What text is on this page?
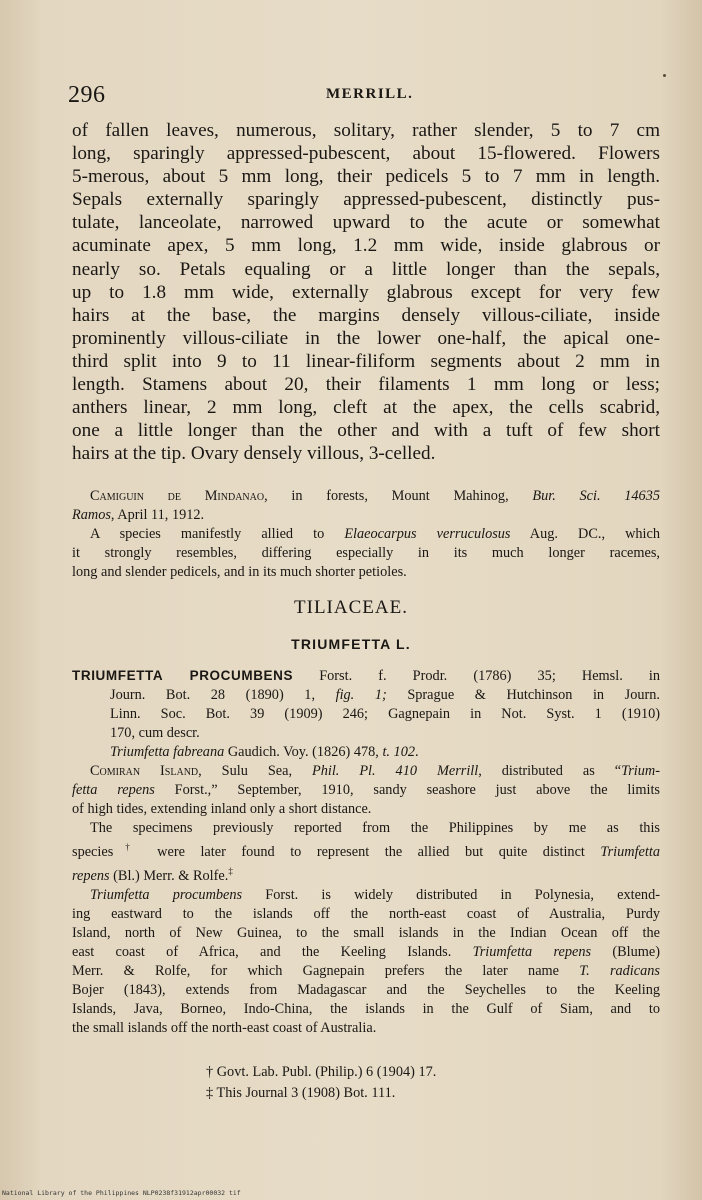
296	MERRILL.
of fallen leaves, numerous, solitary, rather slender, 5 to 7 cm
long, sparingly appressed-pubescent, about 15-flowered. Flowers
5-merous, about 5 mm long, their pedicels 5 to 7 mm in length.
Sepals externally sparingly appressed-pubescent, distinctly pus-
tulate, lanceolate, narrowed upward to the acute or somewhat
acuminate apex, 5 mm long, 1.2 mm wide, inside glabrous or
nearly so. Petals equaling or a little longer than the sepals,
up to 1.8 mm wide, externally glabrous except for very few
hairs at the base, the margins densely villous-ciliate, inside
prominently villous-ciliate in the lower one-half, the apical one-
third split into 9 to 11 linear-filiform segments about 2 mm in
length. Stamens about 20, their filaments 1 mm long or less;
anthers linear, 2 mm long, cleft at the apex, the cells scabrid,
one a little longer than the other and with a tuft of few short
hairs at the tip. Ovary densely villous, 3-celled.
Camiguin de Mindanao, in forests, Mount Mahinog, Bur. Sci. 14635
Ramos, April 11, 1912.
A species manifestly allied to Elaeocarpus verruculosus Aug. DC., which
it strongly resembles, differing especially in its much longer racemes,
long and slender pedicels, and in its much shorter petioles.
TILIACEAE.
TRIUMFETTA L.
TRIUMFETTA PROCUMBENS Forst. f. Prodr. (1786) 35; Hemsl. in
Journ. Bot. 28 (1890) 1, fig. 1; Sprague & Hutchinson in Journ.
Linn. Soc. Bot. 39 (1909) 246; Gagnepain in Not. Syst. 1 (1910)
170, cum descr.
Triumfetta fabreana Gaudich. Voy. (1826) 478, t. 102.
Comiran Island, Sulu Sea, Phil. Pl. 410 Merrill, distributed as “Trium-
fetta repens Forst.,” September, 1910, sandy seashore just above the limits
of high tides, extending inland only a short distance.
The specimens previously reported from the Philippines by me as this
species† were later found to represent the allied but quite distinct Triumfetta
repens (Bl.) Merr. & Rolfe.‡
Triumfetta procumbens Forst. is widely distributed in Polynesia, extend-
ing eastward to the islands off the north-east coast of Australia, Purdy
Island, north of New Guinea, to the small islands in the Indian Ocean off the
east coast of Africa, and the Keeling Islands. Triumfetta repens (Blume)
Merr. & Rolfe, for which Gagnepain prefers the later name T. radicans
Bojer (1843), extends from Madagascar and the Seychelles to the Keeling
Islands, Java, Borneo, Indo-China, the islands in the Gulf of Siam, and to
the small islands off the north-east coast of Australia.
† Govt. Lab. Publ. (Philip.) 6 (1904) 17.
‡ This Journal 3 (1908) Bot. 111.
National Library of the Philippines NLP0238f31912apr00032 tif
